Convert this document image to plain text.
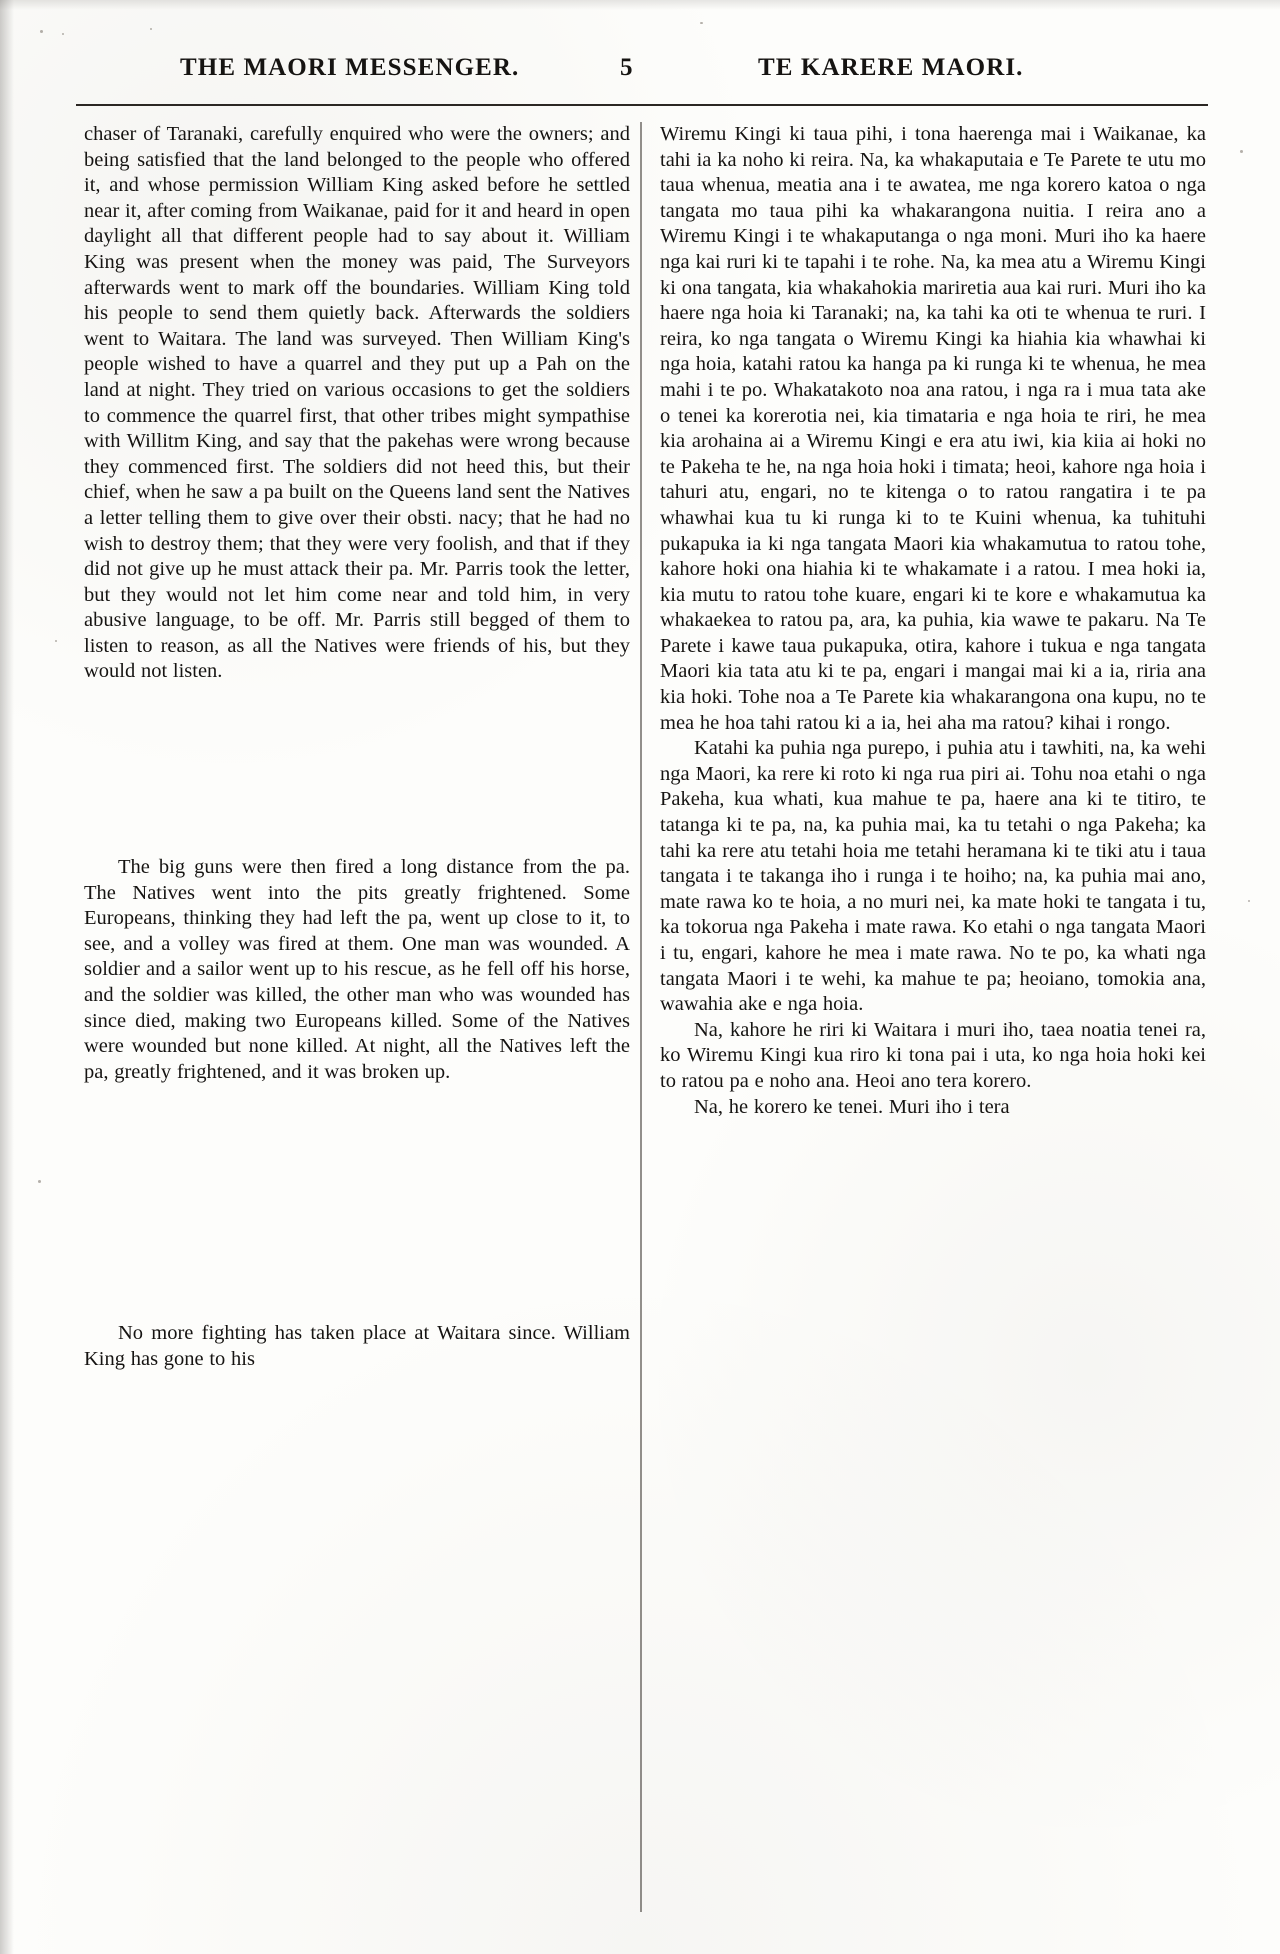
THE MAORI MESSENGER.	5	TE KARERE MAORI.

chaser of Taranaki, carefully enquired who were the owners; and being satisfied that the land belonged to the people who offered it, and whose permission William King asked before he settled near it, after coming from Waikanae, paid for it and heard in open daylight all that different people had to say about it. William King was present when the money was paid, The Surveyors afterwards went to mark off the boundaries. William King told his people to send them quietly back. Afterwards the soldiers went to Waitara. The land was surveyed. Then William King's people wished to have a quarrel and they put up a Pah on the land at night. They tried on various occasions to get the soldiers to commence the quarrel first, that other tribes might sympathise with Willitm King, and say that the pakehas were wrong because they commenced first. The soldiers did not heed this, but their chief, when he saw a pa built on the Queens land sent the Natives a letter telling them to give over their obsti. nacy; that he had no wish to destroy them; that they were very foolish, and that if they did not give up he must attack their pa. Mr. Parris took the letter, but they would not let him come near and told him, in very abusive language, to be off. Mr. Parris still begged of them to listen to reason, as all the Natives were friends of his, but they would not listen.

The big guns were then fired a long distance from the pa. The Natives went into the pits greatly frightened. Some Europeans, thinking they had left the pa, went up close to it, to see, and a volley was fired at them. One man was wounded. A soldier and a sailor went up to his rescue, as he fell off his horse, and the soldier was killed, the other man who was wounded has since died, making two Europeans killed. Some of the Natives were wounded but none killed. At night, all the Natives left the pa, greatly frightened, and it was broken up.

No more fighting has taken place at Waitara since. William King has gone to his

Wiremu Kingi ki taua pihi, i tona haerenga mai i Waikanae, ka tahi ia ka noho ki reira. Na, ka whakaputaia e Te Parete te utu mo taua whenua, meatia ana i te awatea, me nga korero katoa o nga tangata mo taua pihi ka whakarangona nuitia. I reira ano a Wiremu Kingi i te whakaputanga o nga moni. Muri iho ka haere nga kai ruri ki te tapahi i te rohe. Na, ka mea atu a Wiremu Kingi ki ona tangata, kia whakahokia mariretia aua kai ruri. Muri iho ka haere nga hoia ki Taranaki; na, ka tahi ka oti te whenua te ruri. I reira, ko nga tangata o Wiremu Kingi ka hiahia kia whawhai ki nga hoia, katahi ratou ka hanga pa ki runga ki te whenua, he mea mahi i te po. Whakatakoto noa ana ratou, i nga ra i mua tata ake o tenei ka korerotia nei, kia timataria e nga hoia te riri, he mea kia arohaina ai a Wiremu Kingi e era atu iwi, kia kiia ai hoki no te Pakeha te he, na nga hoia hoki i timata; heoi, kahore nga hoia i tahuri atu, engari, no te kitenga o to ratou rangatira i te pa whawhai kua tu ki runga ki to te Kuini whenua, ka tuhituhi pukapuka ia ki nga tangata Maori kia whakamutua to ratou tohe, kahore hoki ona hiahia ki te whakamate i a ratou. I mea hoki ia, kia mutu to ratou tohe kuare, engari ki te kore e whakamutua ka whakaekea to ratou pa, ara, ka puhia, kia wawe te pakaru. Na Te Parete i kawe taua pukapuka, otira, kahore i tukua e nga tangata Maori kia tata atu ki te pa, engari i mangai mai ki a ia, riria ana kia hoki. Tohe noa a Te Parete kia whakarangona ona kupu, no te mea he hoa tahi ratou ki a ia, hei aha ma ratou? kihai i rongo.

Katahi ka puhia nga purepo, i puhia atu i tawhiti, na, ka wehi nga Maori, ka rere ki roto ki nga rua piri ai. Tohu noa etahi o nga Pakeha, kua whati, kua mahue te pa, haere ana ki te titiro, te tatanga ki te pa, na, ka puhia mai, ka tu tetahi o nga Pakeha; ka tahi ka rere atu tetahi hoia me tetahi heramana ki te tiki atu i taua tangata i te takanga iho i runga i te hoiho; na, ka puhia mai ano, mate rawa ko te hoia, a no muri nei, ka mate hoki te tangata i tu, ka tokorua nga Pakeha i mate rawa. Ko etahi o nga tangata Maori i tu, engari, kahore he mea i mate rawa. No te po, ka whati nga tangata Maori i te wehi, ka mahue te pa; heoiano, tomokia ana, wawahia ake e nga hoia.

Na, kahore he riri ki Waitara i muri iho, taea noatia tenei ra, ko Wiremu Kingi kua riro ki tona pai i uta, ko nga hoia hoki kei to ratou pa e noho ana. Heoi ano tera korero.

Na, he korero ke tenei. Muri iho i tera
